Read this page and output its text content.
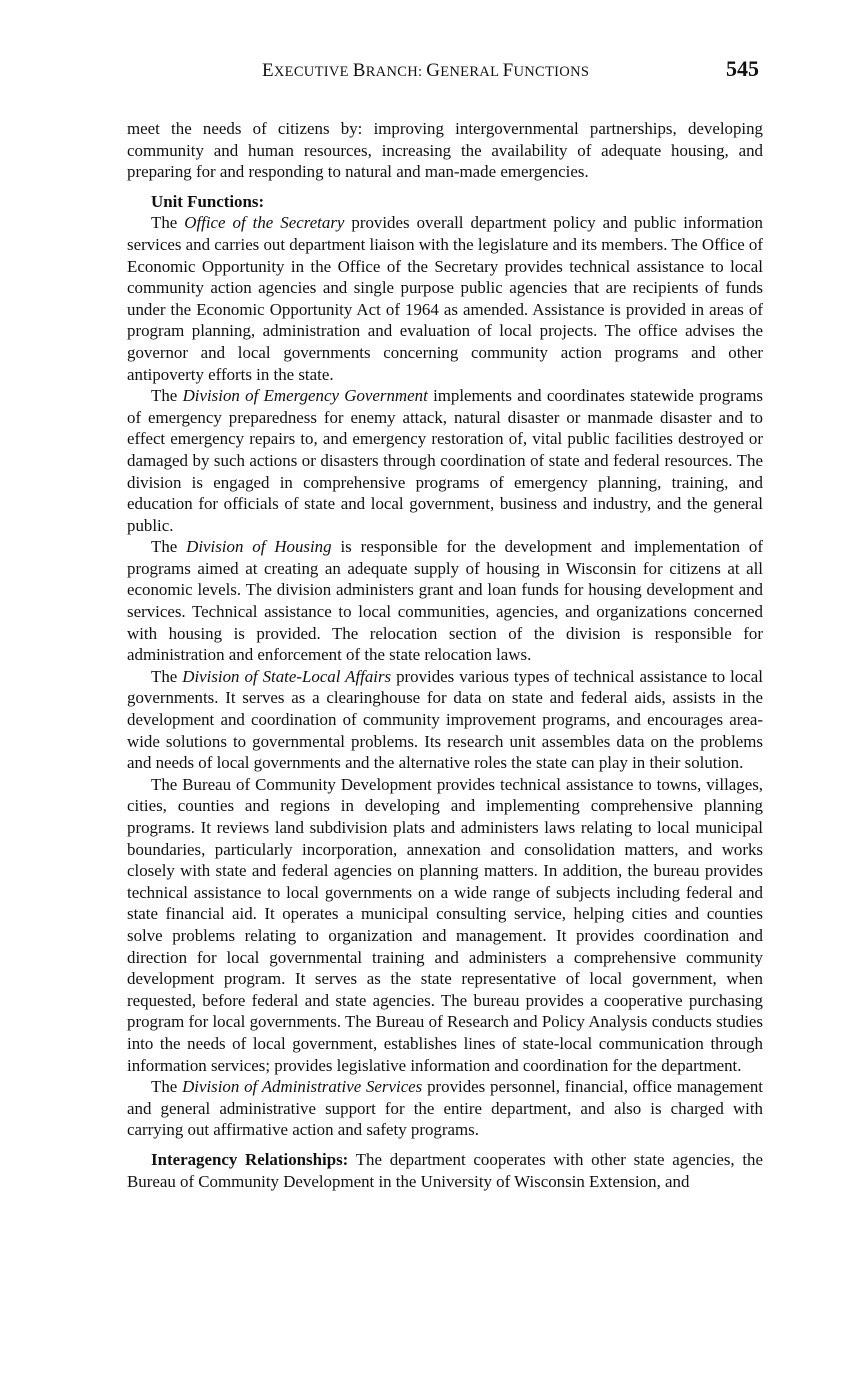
EXECUTIVE BRANCH: GENERAL FUNCTIONS	545

meet the needs of citizens by: improving intergovernmental partnerships, developing community and human resources, increasing the availability of adequate housing, and preparing for and responding to natural and man-made emergencies.

Unit Functions:

The Office of the Secretary provides overall department policy and public information services and carries out department liaison with the legislature and its members. The Office of Economic Opportunity in the Office of the Secretary provides technical assistance to local community action agencies and single purpose public agencies that are recipients of funds under the Economic Opportunity Act of 1964 as amended. Assistance is provided in areas of program planning, administration and evaluation of local projects. The office advises the governor and local governments concerning community action programs and other antipoverty efforts in the state.

The Division of Emergency Government implements and coordinates statewide programs of emergency preparedness for enemy attack, natural disaster or manmade disaster and to effect emergency repairs to, and emergency restoration of, vital public facilities destroyed or damaged by such actions or disasters through coordination of state and federal resources. The division is engaged in comprehensive programs of emergency planning, training, and education for officials of state and local government, business and industry, and the general public.

The Division of Housing is responsible for the development and implementation of programs aimed at creating an adequate supply of housing in Wisconsin for citizens at all economic levels. The division administers grant and loan funds for housing development and services. Technical assistance to local communities, agencies, and organizations concerned with housing is provided. The relocation section of the division is responsible for administration and enforcement of the state relocation laws.

The Division of State-Local Affairs provides various types of technical assistance to local governments. It serves as a clearinghouse for data on state and federal aids, assists in the development and coordination of community improvement programs, and encourages area-wide solutions to governmental problems. Its research unit assembles data on the problems and needs of local governments and the alternative roles the state can play in their solution.

The Bureau of Community Development provides technical assistance to towns, villages, cities, counties and regions in developing and implementing comprehensive planning programs. It reviews land subdivision plats and administers laws relating to local municipal boundaries, particularly incorporation, annexation and consolidation matters, and works closely with state and federal agencies on planning matters. In addition, the bureau provides technical assistance to local governments on a wide range of subjects including federal and state financial aid. It operates a municipal consulting service, helping cities and counties solve problems relating to organization and management. It provides coordination and direction for local governmental training and administers a comprehensive community development program. It serves as the state representative of local government, when requested, before federal and state agencies. The bureau provides a cooperative purchasing program for local governments. The Bureau of Research and Policy Analysis conducts studies into the needs of local government, establishes lines of state-local communication through information services; provides legislative information and coordination for the department.

The Division of Administrative Services provides personnel, financial, office management and general administrative support for the entire department, and also is charged with carrying out affirmative action and safety programs.

Interagency Relationships: The department cooperates with other state agencies, the Bureau of Community Development in the University of Wisconsin Extension, and
